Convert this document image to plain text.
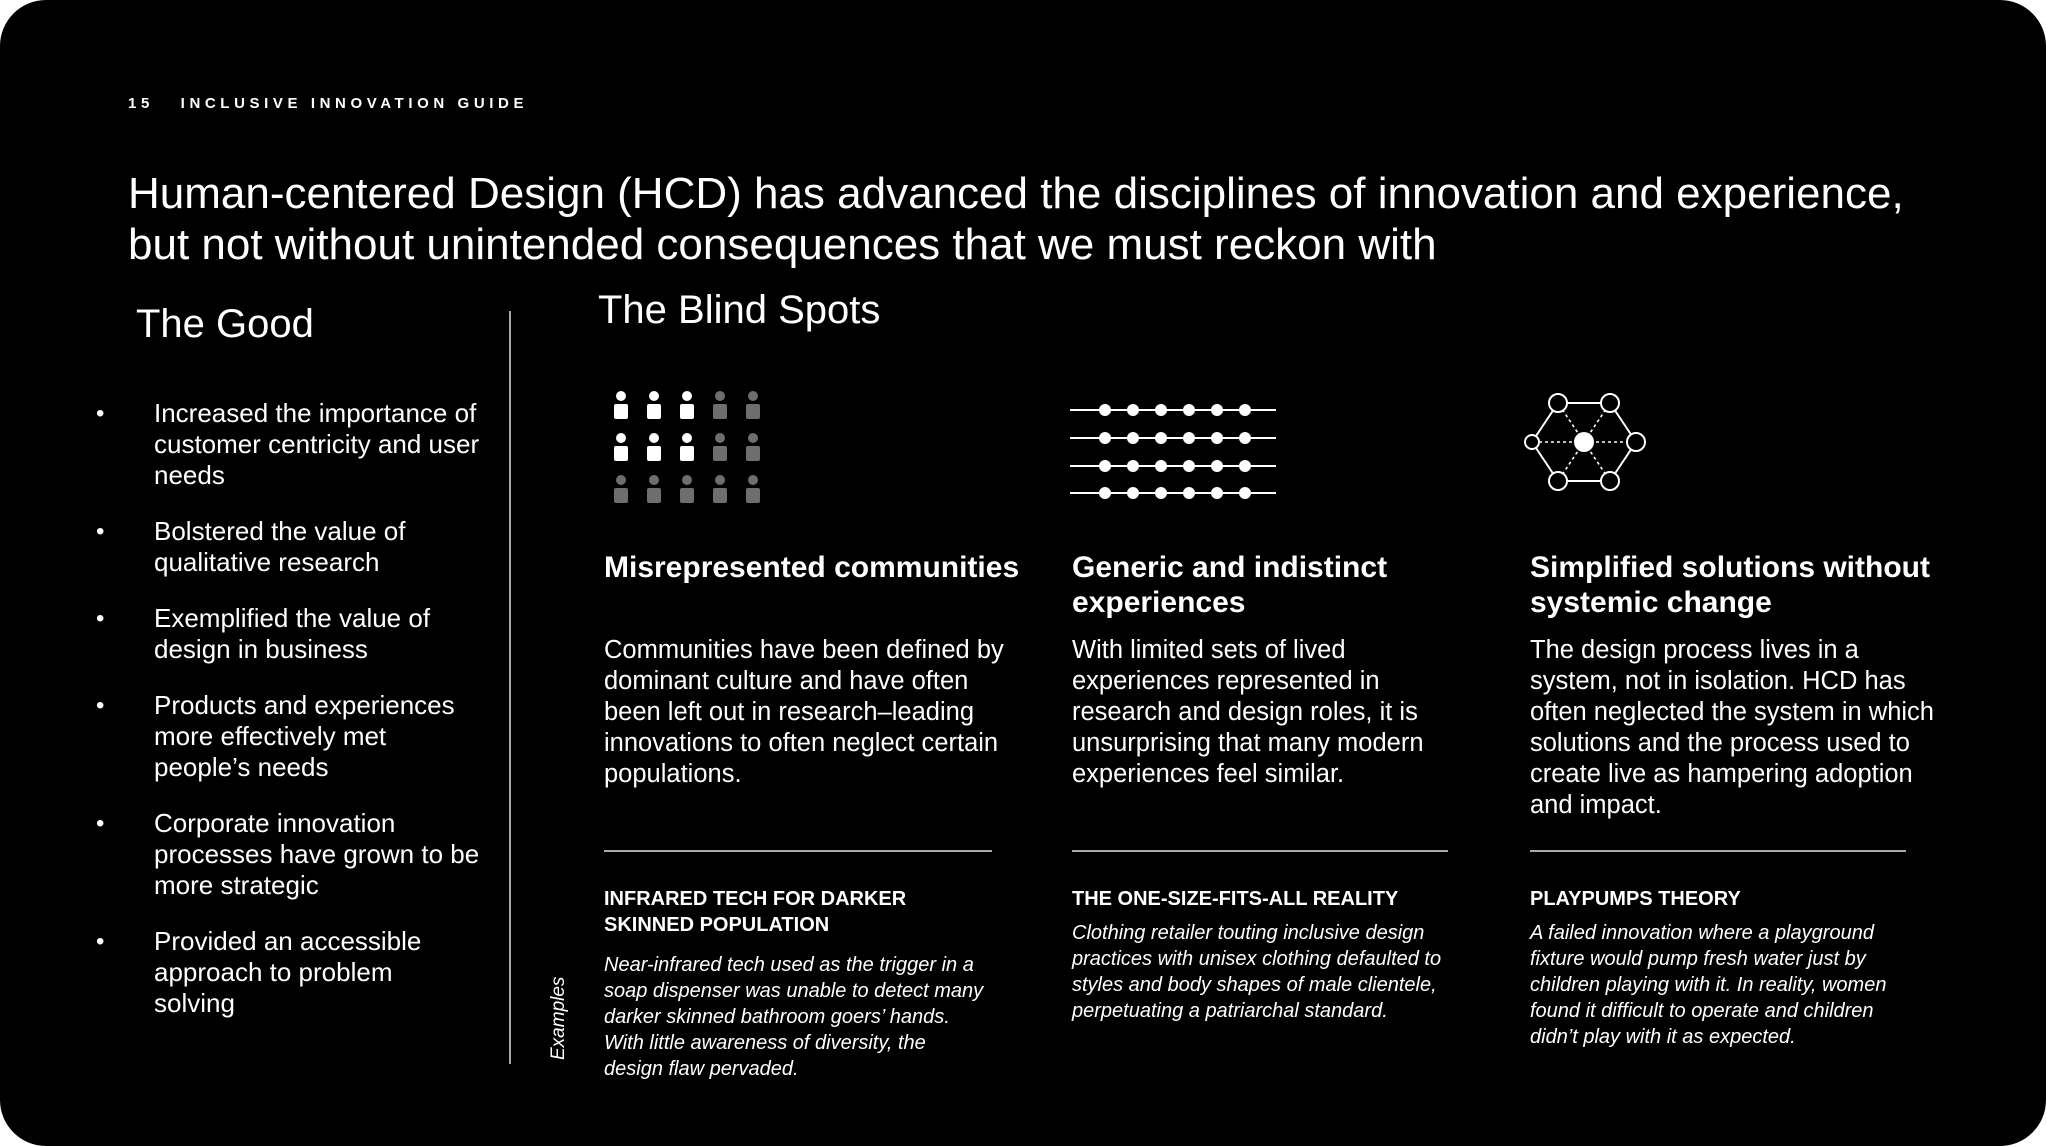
15 INCLUSIVE INNOVATION GUIDE
Human-centered Design (HCD) has advanced the disciplines of innovation and experience, but not without unintended consequences that we must reckon with
The Good
• Increased the importance of customer centricity and user needs
• Bolstered the value of qualitative research
• Exemplified the value of design in business
• Products and experiences more effectively met people’s needs
• Corporate innovation processes have grown to be more strategic
• Provided an accessible approach to problem solving
The Blind Spots
Examples
Misrepresented communities

Communities have been defined by dominant culture and have often been left out in research–leading innovations to often neglect certain populations.

INFRARED TECH FOR DARKER SKINNED POPULATION

Near-infrared tech used as the trigger in a soap dispenser was unable to detect many darker skinned bathroom goers’ hands. With little awareness of diversity, the design flaw pervaded.

Generic and indistinct experiences

With limited sets of lived experiences represented in research and design roles, it is unsurprising that many modern experiences feel similar.

THE ONE-SIZE-FITS-ALL REALITY

Clothing retailer touting inclusive design practices with unisex clothing defaulted to styles and body shapes of male clientele, perpetuating a patriarchal standard.

Simplified solutions without systemic change

The design process lives in a system, not in isolation. HCD has often neglected the system in which solutions and the process used to create live as hampering adoption and impact.

PLAYPUMPS THEORY

A failed innovation where a playground fixture would pump fresh water just by children playing with it. In reality, women found it difficult to operate and children didn’t play with it as expected.
